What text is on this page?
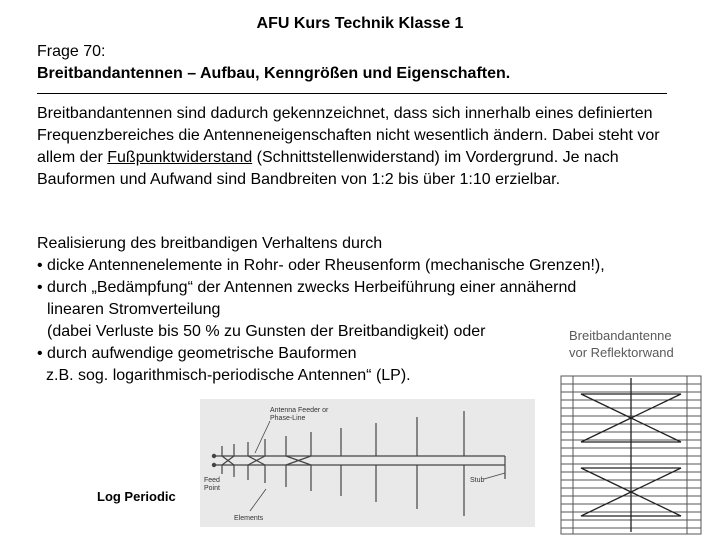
AFU Kurs Technik Klasse 1
Frage 70:
Breitbandantennen – Aufbau, Kenngrößen und Eigenschaften.
Breitbandantennen sind dadurch gekennzeichnet, dass sich innerhalb eines definierten Frequenzbereiches die Antenneneigenschaften nicht wesentlich ändern. Dabei steht vor allem der Fußpunktwiderstand (Schnittstellenwiderstand) im Vordergrund. Je nach Bauformen und Aufwand sind Bandbreiten von 1:2 bis über 1:10 erzielbar.
Realisierung des breitbandigen Verhaltens durch
• dicke Antennenelemente in Rohr- oder Rheusenform (mechanische Grenzen!),
• durch „Bedämpfung“ der Antennen zwecks Herbeiführung einer annähernd
linearen Stromverteilung
(dabei Verluste bis 50 % zu Gunsten der Breitbandigkeit) oder
• durch aufwendige geometrische Bauformen
z.B. sog. logarithmisch-periodische Antennen“ (LP).
Log Periodic
Antenna Feeder or
Phase-Line
Feed
Point
Stub
Elements
Breitbandantenne
vor Reflektorwand
